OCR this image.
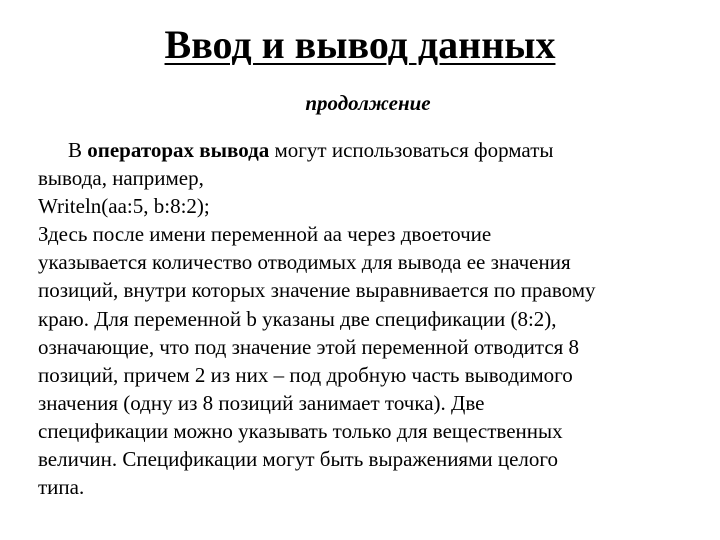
Ввод и вывод данных
продолжение
В операторах вывода могут использоваться форматы
вывода, например,
Writeln(aa:5, b:8:2);
Здесь после имени переменной aa через двоеточие
указывается количество отводимых для вывода ее значения
позиций, внутри которых значение выравнивается по правому
краю. Для переменной b указаны две спецификации (8:2),
означающие, что под значение этой переменной отводится 8
позиций, причем 2 из них – под дробную часть выводимого
значения (одну из 8 позиций занимает точка). Две
спецификации можно указывать только для вещественных
величин. Спецификации могут быть выражениями целого
типа.
